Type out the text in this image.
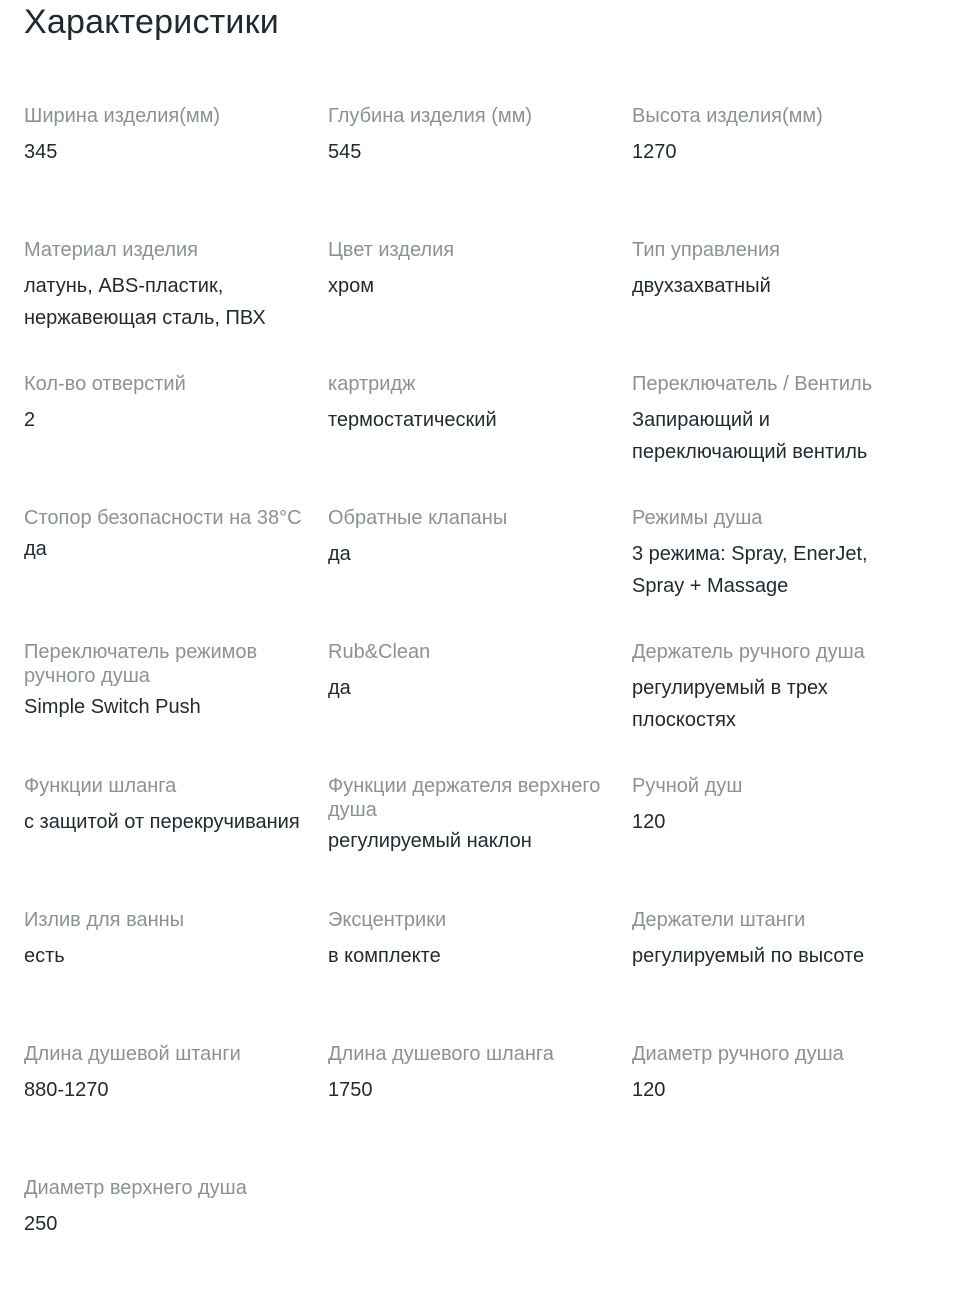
Характеристики
Ширина изделия(мм)
345
Глубина изделия (мм)
545
Высота изделия(мм)
1270
Материал изделия
латунь, ABS-пластик, нержавеющая сталь, ПВХ
Цвет изделия
хром
Тип управления
двухзахватный
Кол-во отверстий
2
картридж
термостатический
Переключатель / Вентиль
Запирающий и переключающий вентиль
Стопор безопасности на 38°C
да
Обратные клапаны
да
Режимы душа
3 режима: Spray, EnerJet, Spray + Massage
Переключатель режимов ручного душа
Simple Switch Push
Rub&Clean
да
Держатель ручного душа
регулируемый в трех плоскостях
Функции шланга
с защитой от перекручивания
Функции держателя верхнего душа
регулируемый наклон
Ручной душ
120
Излив для ванны
есть
Эксцентрики
в комплекте
Держатели штанги
регулируемый по высоте
Длина душевой штанги
880-1270
Длина душевого шланга
1750
Диаметр ручного душа
120
Диаметр верхнего душа
250
